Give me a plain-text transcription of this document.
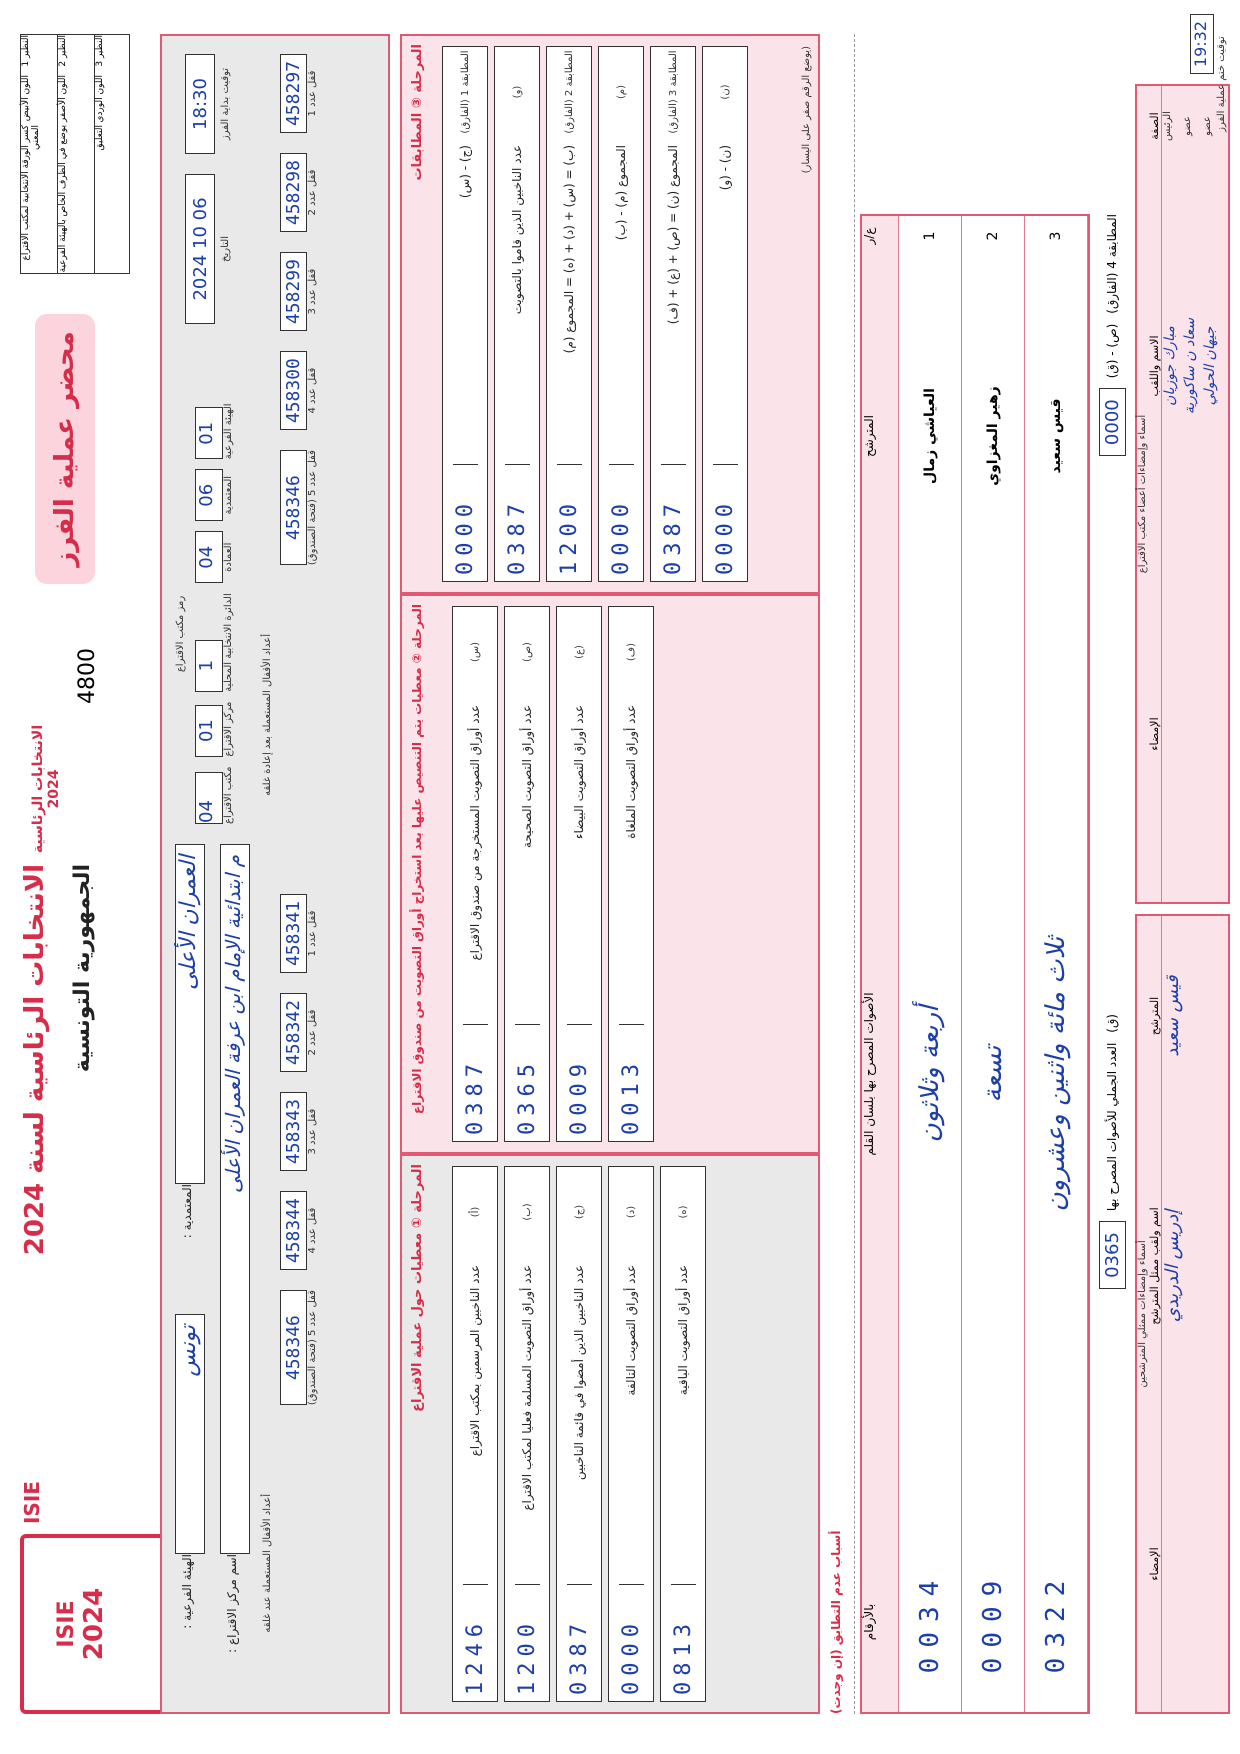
ISIE 2024
ISIE
الانتخابات الرئاسية لسنة 2024 الجمهورية التونسية
الانتخابات الرئاسية 2024
4800
محضر عملية الفرز
النظير 1
اللون الأبيض
كسر الورقة الانتخابية لمكتب الاقتراع المعني
النظير 2
اللون الأصفر
يوضع في الظرف الخاص بالهيئة الفرعية
النظير 3
اللون الوردي
التعليق
الهيئة الفرعية :
تونس
المعتمدية :
العمران الأعلى
اسم مركز الاقتراع :
م ابتدائية الإمام ابن عرفة العمران الأعلى
رمز مكتب الاقتراع
04 مكتب الاقتراع
01 مركز الاقتراع
1 الدائرة الانتخابية المحلية
04 العمادة
06 المعتمدية
01 الهيئة الفرعية
2024 10 06 التاريخ
18:30 توقيت بداية الفرز
أعداد الأقفال المستعملة عند غلقه
458341 قفل عدد 1
458342 قفل عدد 2
458343 قفل عدد 3
458344 قفل عدد 4
458346 قفل عدد 5 (فتحة الصندوق)
أعداد الأقفال المستعملة بعد إعادة غلقه
458297 قفل عدد 1
458298 قفل عدد 2
458299 قفل عدد 3
458300 قفل عدد 4
458346 قفل عدد 5 (فتحة الصندوق)
المرحلة ① معطيات حول عملية الاقتراع	(أ)
عدد الناخبين المرسمين بمكتب الاقتراع
1246
(ب)
عدد أوراق التصويت المسلمة فعليا لمكتب الاقتراع
1200
(ج)
عدد الناخبين الذين أمضوا في قائمة الناخبين
0387
(د)
عدد أوراق التصويت التالفة
0000
(ه)
عدد أوراق التصويت الباقية
0813
المرحلة ② معطيات يتم التنصيص عليها بعد استخراج أوراق التصويت من صندوق الاقتراع	(س)
عدد أوراق التصويت المستخرجة من صندوق الاقتراع
0387
(ص)
عدد أوراق التصويت الصحيحة
0365
(ع)
عدد أوراق التصويت البيضاء
0009
(ف)
عدد أوراق التصويت الملغاة
0013
المرحلة ③ المطابقات	المطابقة 1 (الفارق)
(ج) - (س)
0000
(و)
عدد الناخبين الذين قاموا بالتصويت
0387
المطابقة 2 (الفارق)
(ب) = (س) + (د) + (ه) = المجموع (م)
1200
(م)
المجموع (م) - (ب)
0000
المطابقة 3 (الفارق)
المجموع (ن) = (ص) + (ع) + (ف)
0387
(ن)
(ن) - (و)
0000
(يوضع الرقم صفر على اليسار)
أسباب عدم التطابق (إن وجدت)
ع/ر
المترشح
الأصوات المصرح بها بلسان القلم
بالأرقام
1
العياشي زمال
أربعة وثلاثون
0034
2
زهير المغزاوي
تسعة
0009
3
قيس سعيد
ثلاث مائة واثنين وعشرون
0322
(ق)
العدد الجملي للأصوات المصرح بها
0365
المطابقة 4 (الفارق)
(ص) - (ق)
0000
أسماء وإمضاءات ممثلي المترشحين
المترشح
اسم ولقب ممثل المترشح
الإمضاء
قيس سعيد
إدريس الدريدي
أسماء وإمضاءات أعضاء مكتب الاقتراع
الصفة
الاسم واللقب
الإمضاء
الرئيس
مبارك جوزيان
عضو
سعاد ن ساكورية
عضو
جيهان الحولي
19:32 توقيت ختم عملية الفرز
